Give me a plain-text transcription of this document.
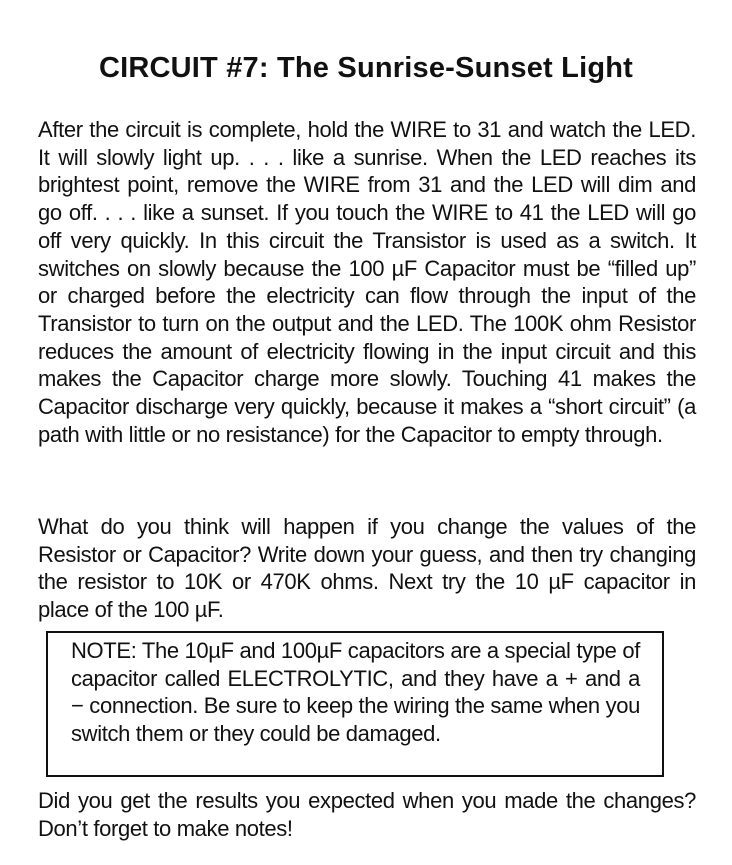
CIRCUIT #7: The Sunrise-Sunset Light

After the circuit is complete, hold the WIRE to 31 and watch the LED. It will slowly light up. . . . like a sunrise. When the LED reaches its brightest point, remove the WIRE from 31 and the LED will dim and go off. . . . like a sunset. If you touch the WIRE to 41 the LED will go off very quickly. In this circuit the Transistor is used as a switch. It switches on slowly because the 100 µF Capacitor must be “filled up” or charged before the electricity can flow through the input of the Transistor to turn on the output and the LED. The 100K ohm Resistor reduces the amount of electricity flowing in the input circuit and this makes the Capacitor charge more slowly. Touching 41 makes the Capacitor discharge very quickly, because it makes a “short circuit” (a path with little or no resistance) for the Capacitor to empty through.

What do you think will happen if you change the values of the Resistor or Capacitor? Write down your guess, and then try changing the resistor to 10K or 470K ohms. Next try the 10 µF capacitor in place of the 100 µF.

NOTE: The 10µF and 100µF capacitors are a special type of capacitor called ELECTROLYTIC, and they have a + and a − connection. Be sure to keep the wiring the same when you switch them or they could be damaged.

Did you get the results you expected when you made the changes? Don’t forget to make notes!
